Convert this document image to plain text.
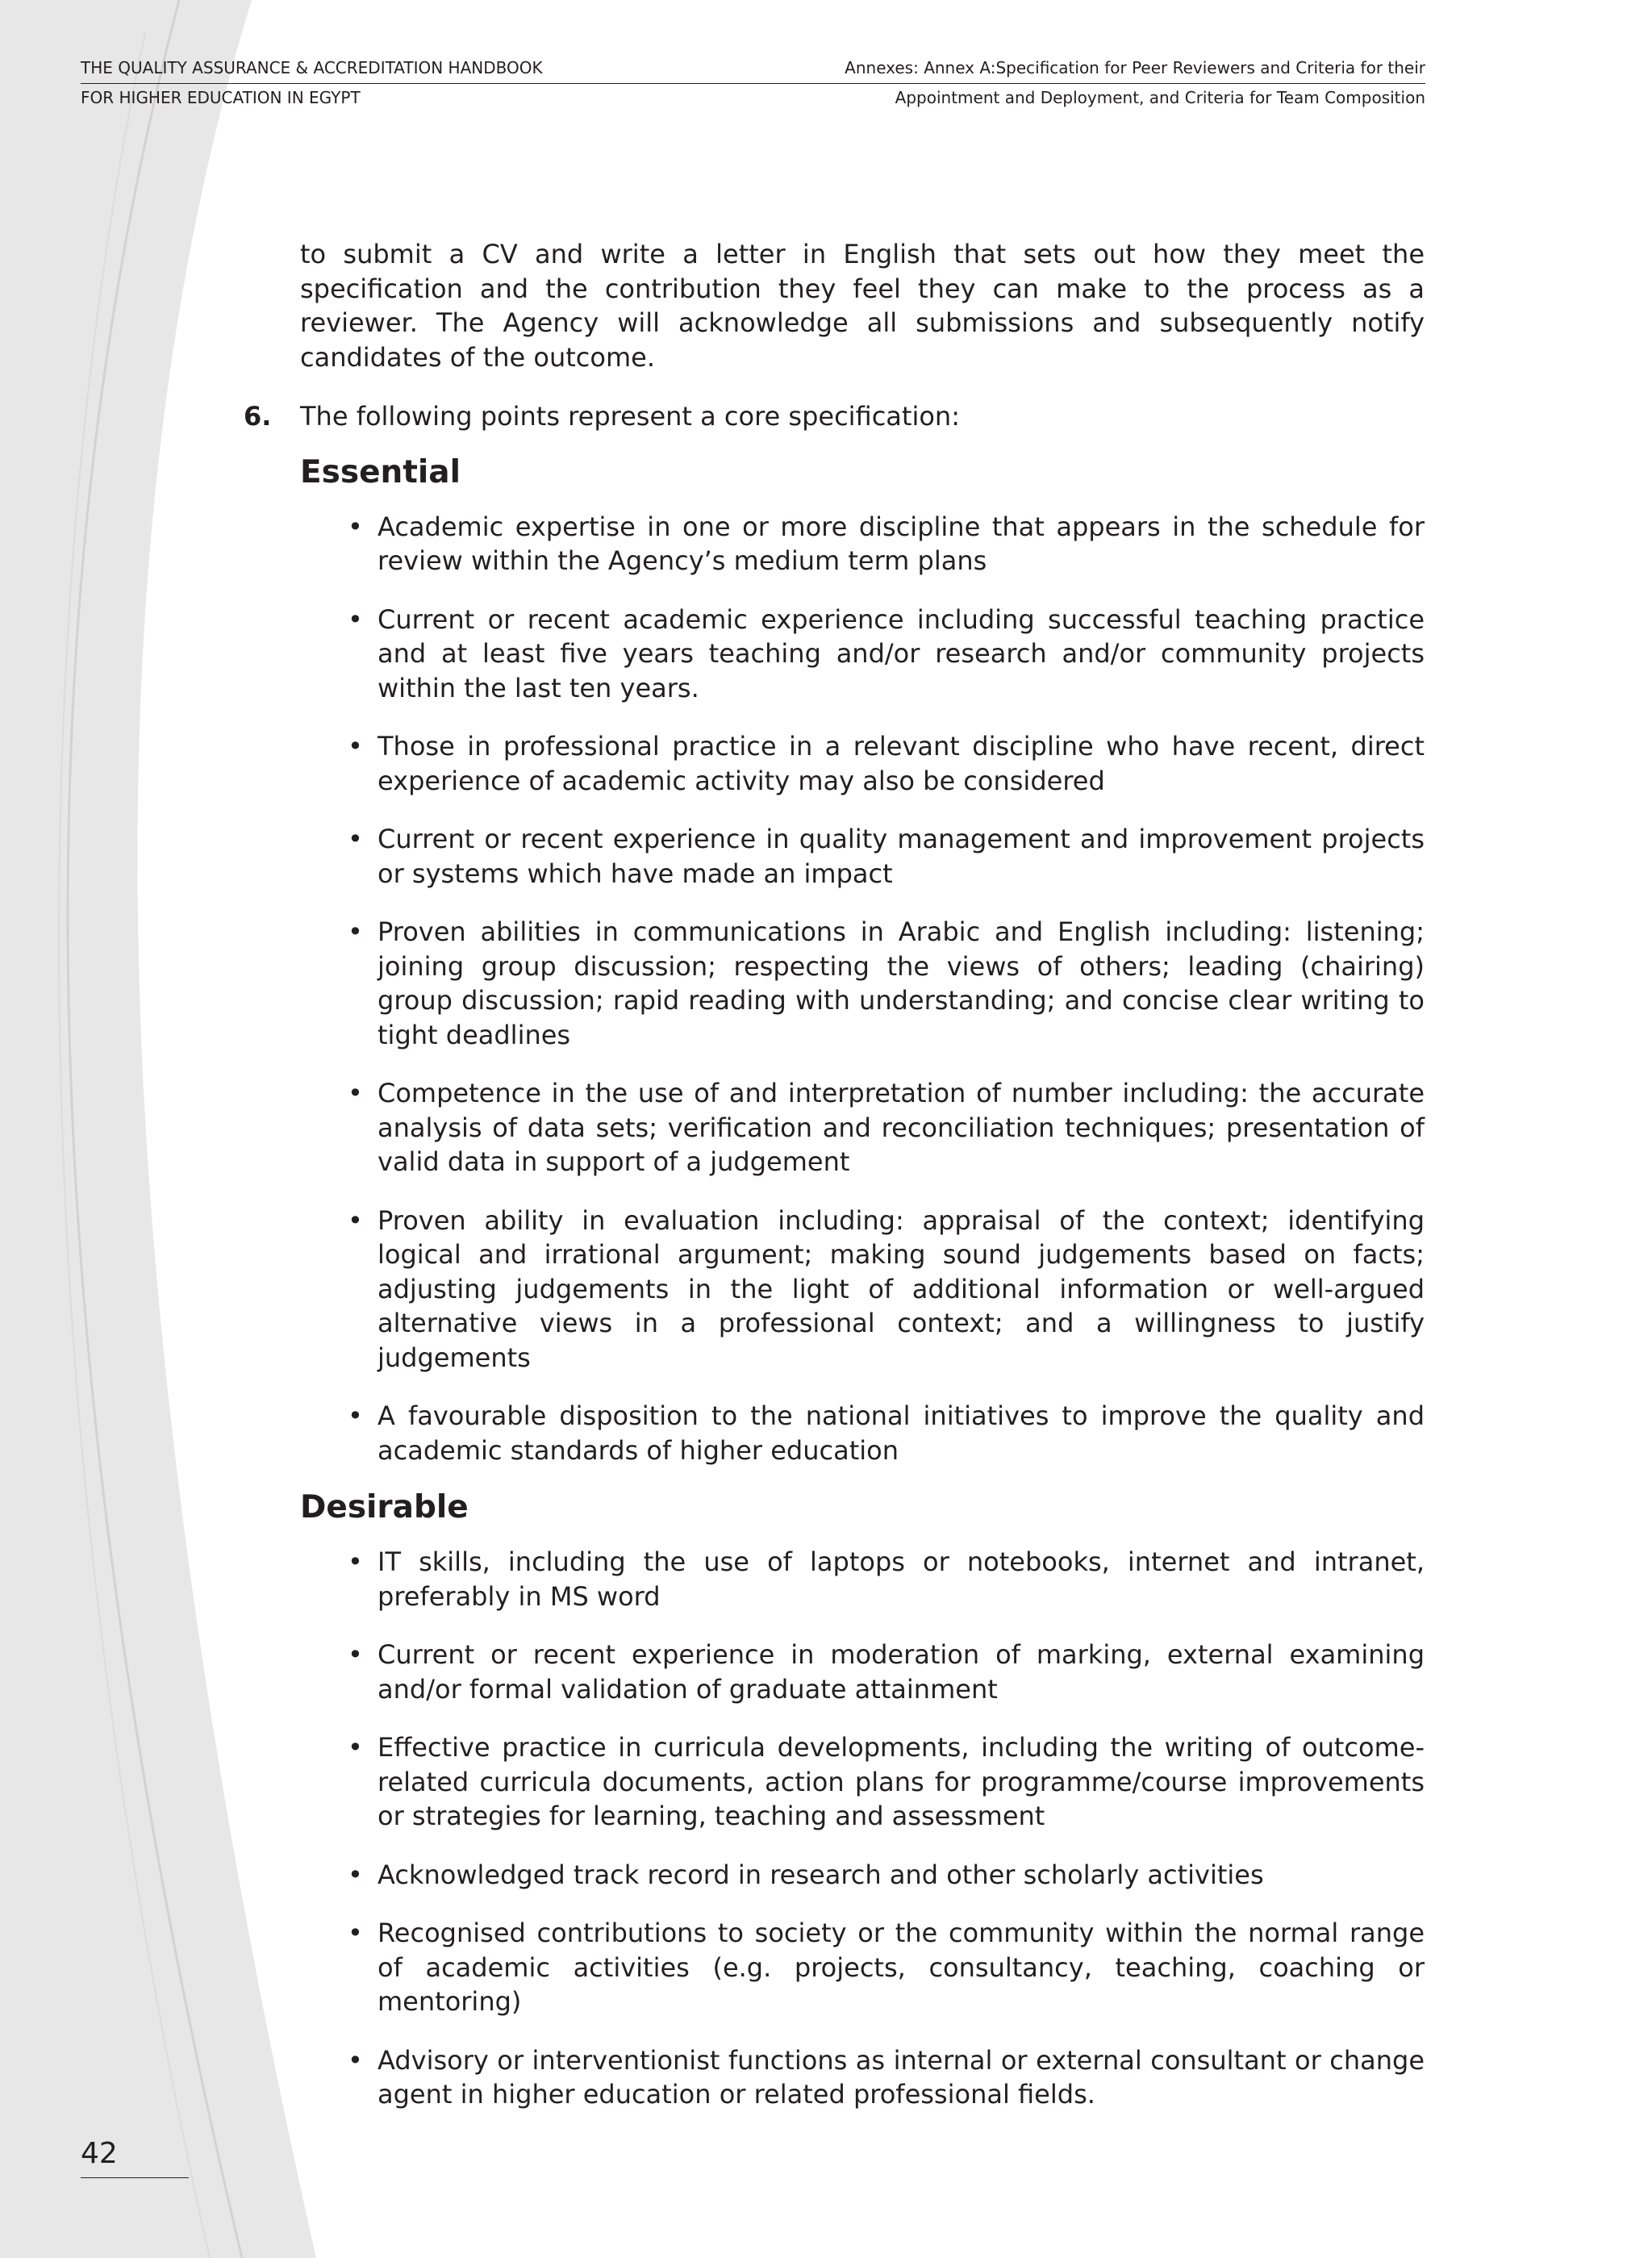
THE QUALITY ASSURANCE & ACCREDITATION HANDBOOK
FOR HIGHER EDUCATION IN EGYPT
Annexes: Annex A:Specification for Peer Reviewers and Criteria for their
Appointment and Deployment, and Criteria for Team Composition

to submit a CV and write a letter in English that sets out how they meet the specification and the contribution they feel they can make to the process as a reviewer. The Agency will acknowledge all submissions and subsequently notify candidates of the outcome.

6. The following points represent a core specification:

Essential
• Academic expertise in one or more discipline that appears in the schedule for review within the Agency’s medium term plans
• Current or recent academic experience including successful teaching practice and at least five years teaching and/or research and/or community projects within the last ten years.
• Those in professional practice in a relevant discipline who have recent, direct experience of academic activity may also be considered
• Current or recent experience in quality management and improvement projects or systems which have made an impact
• Proven abilities in communications in Arabic and English including: listening; joining group discussion; respecting the views of others; leading (chairing) group discussion; rapid reading with understanding; and concise clear writing to tight deadlines
• Competence in the use of and interpretation of number including: the accurate analysis of data sets; verification and reconciliation techniques; presentation of valid data in support of a judgement
• Proven ability in evaluation including: appraisal of the context; identifying logical and irrational argument; making sound judgements based on facts; adjusting judgements in the light of additional information or well-argued alternative views in a professional context; and a willingness to justify judgements
• A favourable disposition to the national initiatives to improve the quality and academic standards of higher education
Desirable
• IT skills, including the use of laptops or notebooks, internet and intranet, preferably in MS word
• Current or recent experience in moderation of marking, external examining and/or formal validation of graduate attainment
• Effective practice in curricula developments, including the writing of outcome-related curricula documents, action plans for programme/course improvements or strategies for learning, teaching and assessment
• Acknowledged track record in research and other scholarly activities
• Recognised contributions to society or the community within the normal range of academic activities (e.g. projects, consultancy, teaching, coaching or mentoring)
• Advisory or interventionist functions as internal or external consultant or change agent in higher education or related professional fields.
42
